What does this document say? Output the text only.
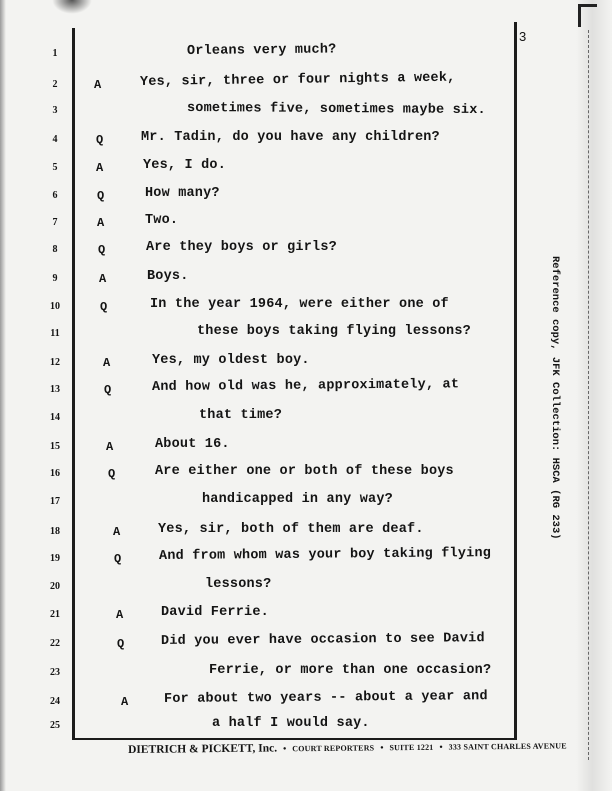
3
1	Orleans very much?
2	A	Yes, sir, three or four nights a week,
3	sometimes five, sometimes maybe six.
4	Q	Mr. Tadin, do you have any children?
5	A	Yes, I do.
6	Q	How many?
7	A	Two.
8	Q	Are they boys or girls?
9	A	Boys.
10	Q	In the year 1964, were either one of
11	these boys taking flying lessons?
12	A	Yes, my oldest boy.
13	Q	And how old was he, approximately, at
14	that time?
15	A	About 16.
16	Q	Are either one or both of these boys
17	handicapped in any way?
18	A	Yes, sir, both of them are deaf.
19	Q	And from whom was your boy taking flying
20	lessons?
21	A	David Ferrie.
22	Q	Did you ever have occasion to see David
23	Ferrie, or more than one occasion?
24	A	For about two years -- about a year and
25	a half I would say.
DIETRICH & PICKETT, Inc. • COURT REPORTERS • SUITE 1221 • 333 SAINT CHARLES AVENUE
Reference copy, JFK Collection: HSCA (RG 233)
